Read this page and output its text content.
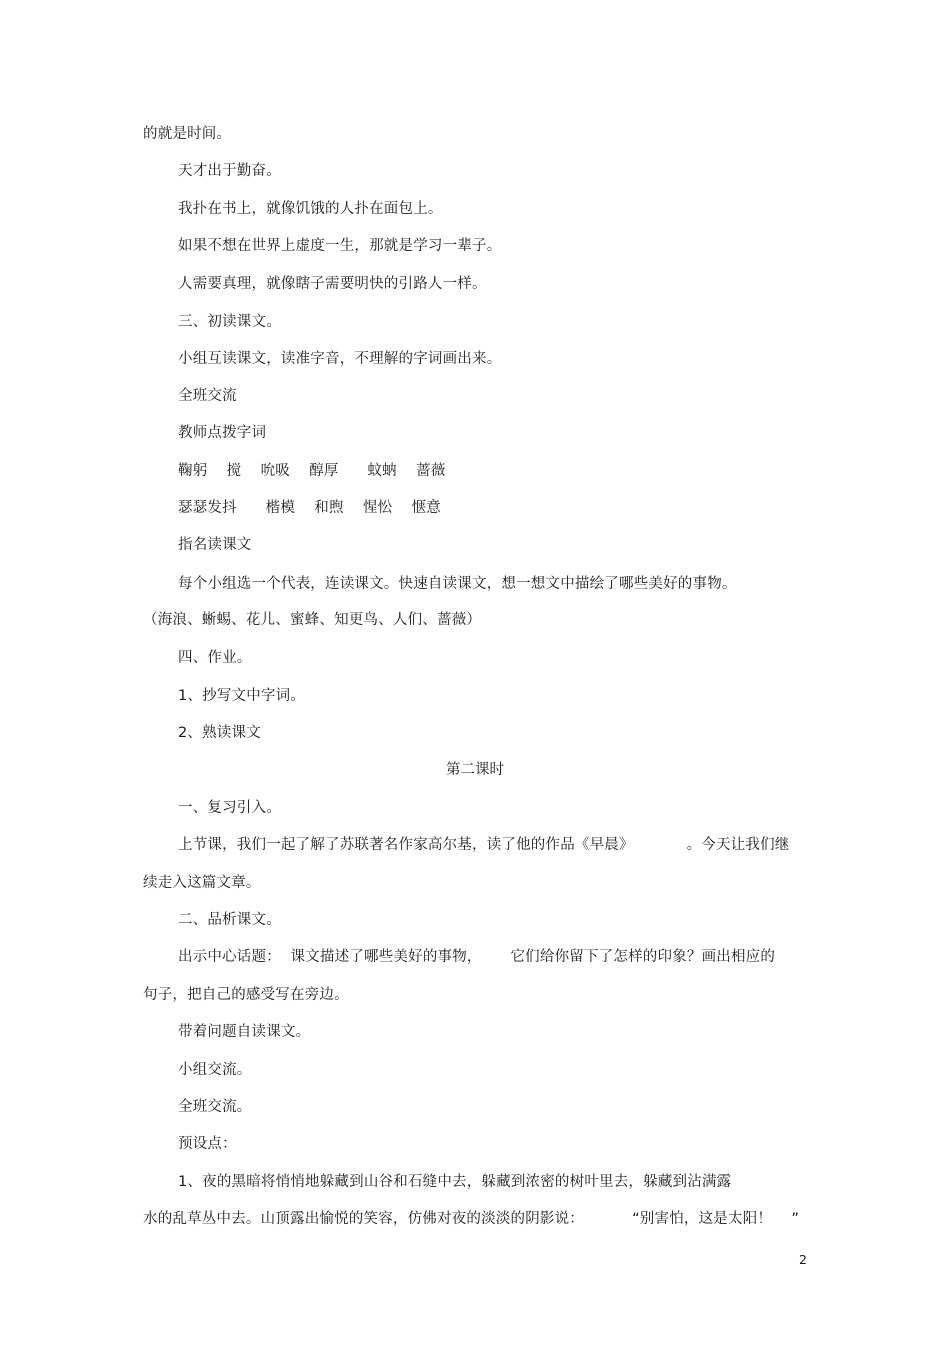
的就是时间。
天才出于勤奋。
我扑在书上，就像饥饿的人扑在面包上。
如果不想在世界上虚度一生，那就是学习一辈子。
人需要真理，就像瞎子需要明快的引路人一样。
三、初读课文。
小组互读课文，读准字音，不理解的字词画出来。
全班交流
教师点拨字词
鞠躬    搅    吮吸    醇厚      蚊蚋    蔷薇
瑟瑟发抖      楷模    和煦    惺忪    惬意
指名读课文
每个小组选一个代表，连读课文。快速自读课文，想一想文中描绘了哪些美好的事物。
（海浪、蜥蜴、花儿、蜜蜂、知更鸟、人们、蔷薇）
四、作业。
1、抄写文中字词。
2、熟读课文
第二课时
一、复习引入。
上节课，我们一起了解了苏联著名作家高尔基，读了他的作品《早晨》           。今天让我们继
续走入这篇文章。
二、品析课文。
出示中心话题：  课文描述了哪些美好的事物，      它们给你留下了怎样的印象？画出相应的
句子，把自己的感受写在旁边。
带着问题自读课文。
小组交流。
全班交流。
预设点：
1、夜的黑暗将悄悄地躲藏到山谷和石缝中去，躲藏到浓密的树叶里去，躲藏到沾满露
水的乱草丛中去。山顶露出愉悦的笑容，仿佛对夜的淡淡的阴影说：          “别害怕，这是太阳！    ”
2
